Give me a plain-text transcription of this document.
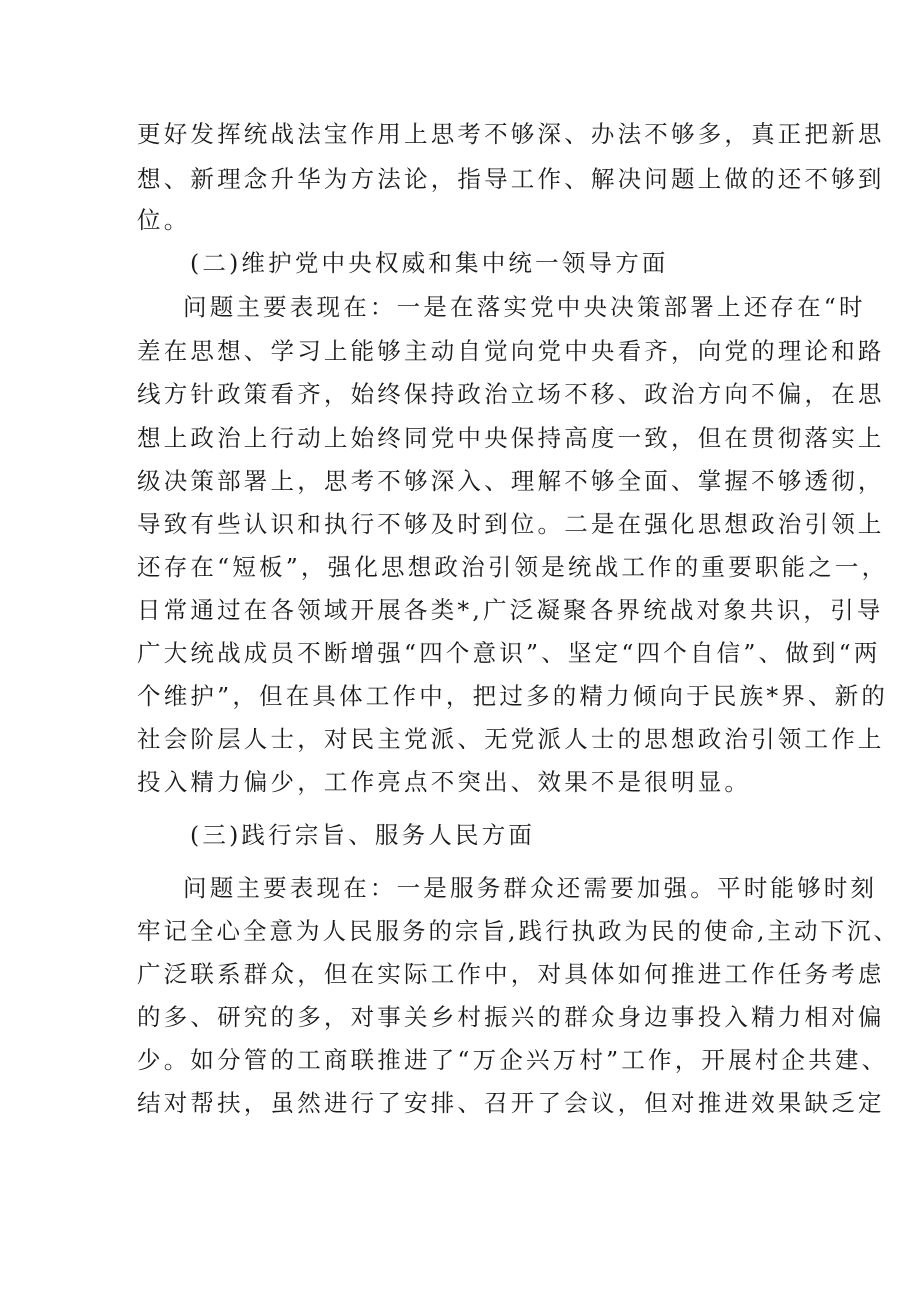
更好发挥统战法宝作用上思考不够深、办法不够多，真正把新思
想、新理念升华为方法论，指导工作、解决问题上做的还不够到
位。
(二)维护党中央权威和集中统一领导方面
问题主要表现在：一是在落实党中央决策部署上还存在“时
差在思想、学习上能够主动自觉向党中央看齐，向党的理论和路
线方针政策看齐，始终保持政治立场不移、政治方向不偏，在思
想上政治上行动上始终同党中央保持高度一致，但在贯彻落实上
级决策部署上，思考不够深入、理解不够全面、掌握不够透彻，
导致有些认识和执行不够及时到位。二是在强化思想政治引领上
还存在“短板”，强化思想政治引领是统战工作的重要职能之一，
日常通过在各领域开展各类*,广泛凝聚各界统战对象共识，引导
广大统战成员不断增强“四个意识”、坚定“四个自信”、做到“两
个维护”，但在具体工作中，把过多的精力倾向于民族*界、新的
社会阶层人士，对民主党派、无党派人士的思想政治引领工作上
投入精力偏少，工作亮点不突出、效果不是很明显。
(三)践行宗旨、服务人民方面
问题主要表现在：一是服务群众还需要加强。平时能够时刻
牢记全心全意为人民服务的宗旨,践行执政为民的使命,主动下沉、
广泛联系群众，但在实际工作中，对具体如何推进工作任务考虑
的多、研究的多，对事关乡村振兴的群众身边事投入精力相对偏
少。如分管的工商联推进了“万企兴万村”工作，开展村企共建、
结对帮扶，虽然进行了安排、召开了会议，但对推进效果缺乏定
